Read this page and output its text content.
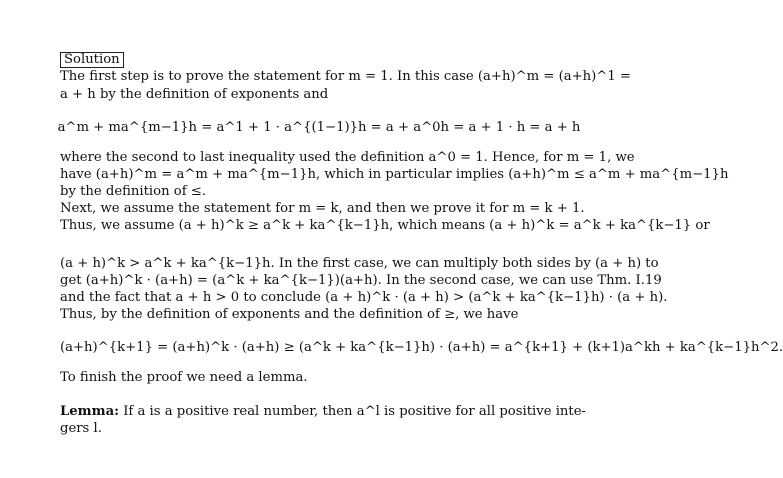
Solution
The first step is to prove the statement for m = 1. In this case (a+h)^m = (a+h)^1 =
a + h by the definition of exponents and
a^m + ma^{m−1}h = a^1 + 1 · a^{(1−1)}h = a + a^0h = a + 1 · h = a + h
where the second to last inequality used the definition a^0 = 1. Hence, for m = 1, we
have (a+h)^m = a^m + ma^{m−1}h, which in particular implies (a+h)^m ≤ a^m + ma^{m−1}h
by the definition of ≤.
Next, we assume the statement for m = k, and then we prove it for m = k + 1.
Thus, we assume (a + h)^k ≥ a^k + ka^{k−1}h, which means (a + h)^k = a^k + ka^{k−1} or
(a + h)^k > a^k + ka^{k−1}h. In the first case, we can multiply both sides by (a + h) to
get (a+h)^k · (a+h) = (a^k + ka^{k−1})(a+h). In the second case, we can use Thm. I.19
and the fact that a + h > 0 to conclude (a + h)^k · (a + h) > (a^k + ka^{k−1}h) · (a + h).
Thus, by the definition of exponents and the definition of ≥, we have
(a+h)^{k+1} = (a+h)^k · (a+h) ≥ (a^k + ka^{k−1}h) · (a+h) = a^{k+1} + (k+1)a^kh + ka^{k−1}h^2.
To finish the proof we need a lemma.
Lemma: If a is a positive real number, then a^l is positive for all positive inte-
gers l.
